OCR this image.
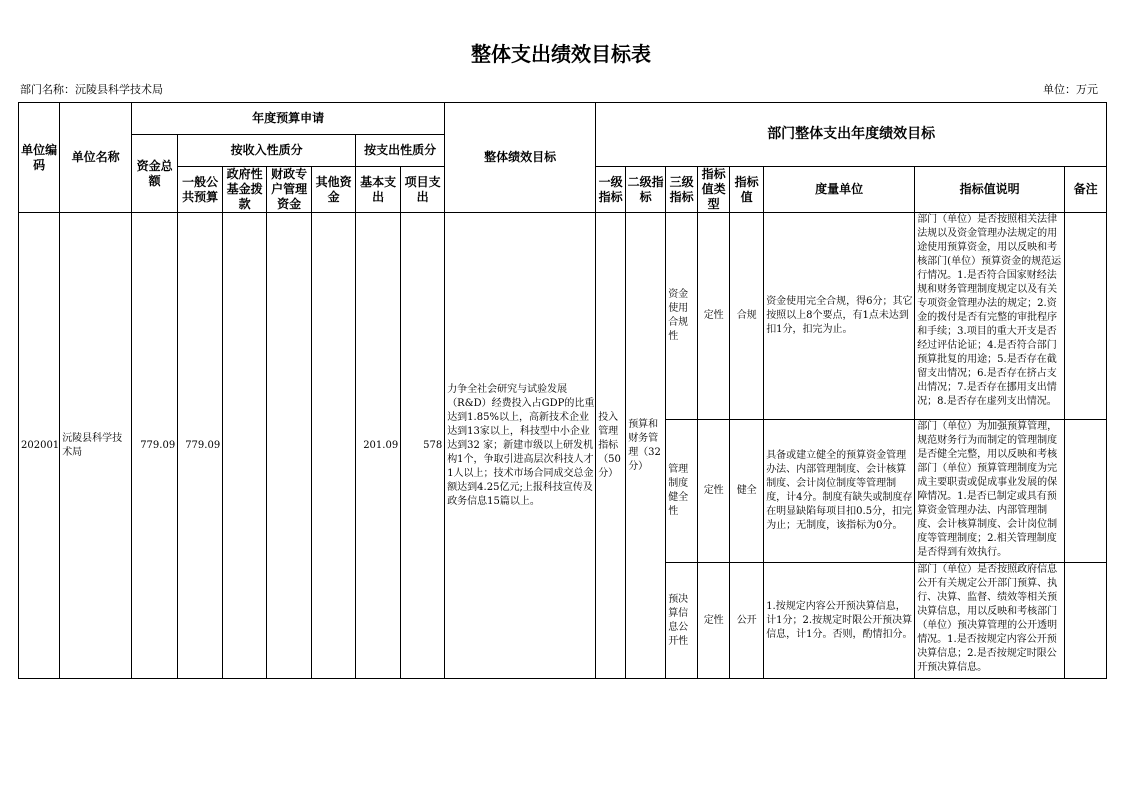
整体支出绩效目标表
部门名称：沅陵县科学技术局	单位：万元
单位编码	单位名称	年度预算申请							整体绩效目标	部门整体支出年度绩效目标							
		资金总额	按收入性质分				按支出性质分										
			一般公共预算	政府性基金拨款	财政专户管理资金	其他资金	基本支出	项目支出		一级指标	二级指标	三级指标	指标值类型	指标值	度量单位	指标值说明	备注
202001	沅陵县科学技术局	779.09	779.09				201.09	578	力争全社会研究与试验发展（R&D）经费投入占GDP的比重达到1.85%以上，高新技术企业达到13家以上，科技型中小企业达到32 家；新建市级以上研发机构1个，争取引进高层次科技人才1人以上；技术市场合同成交总金额达到4.25亿元;上报科技宣传及政务信息15篇以上。	投入管理指标（50分）	预算和财务管理（32分）	资金使用合规性	定性	合规	资金使用完全合规，得6分；其它按照以上8个要点，有1点未达到扣1分，扣完为止。	部门（单位）是否按照相关法律法规以及资金管理办法规定的用途使用预算资金，用以反映和考核部门(单位）预算资金的规范运行情况。1.是否符合国家财经法规和财务管理制度规定以及有关专项资金管理办法的规定；2.资金的拨付是否有完整的审批程序和手续；3.项目的重大开支是否经过评估论证；4.是否符合部门预算批复的用途；5.是否存在截留支出情况；6.是否存在挤占支出情况；7.是否存在挪用支出情况；8.是否存在虚列支出情况。	

												管理制度健全性	定性	健全	具备或建立健全的预算资金管理办法、内部管理制度、会计核算制度、会计岗位制度等管理制度，计4分。制度有缺失或制度存在明显缺陷每项目扣0.5分，扣完为止；无制度，该指标为0分。	部门（单位）为加强预算管理，规范财务行为而制定的管理制度是否健全完整，用以反映和考核部门（单位）预算管理制度为完成主要职责或促成事业发展的保障情况。1.是否已制定或具有预算资金管理办法、内部管理制度、会计核算制度、会计岗位制度等管理制度；2.相关管理制度是否得到有效执行。	

												预决算信息公开性	定性	公开	1.按规定内容公开预决算信息，计1分；2.按规定时限公开预决算信息，计1分。否则，酌情扣分。	部门（单位）是否按照政府信息公开有关规定公开部门预算、执行、决算、监督、绩效等相关预决算信息，用以反映和考核部门（单位）预决算管理的公开透明情况。1.是否按规定内容公开预决算信息；2.是否按规定时限公开预决算信息。	
